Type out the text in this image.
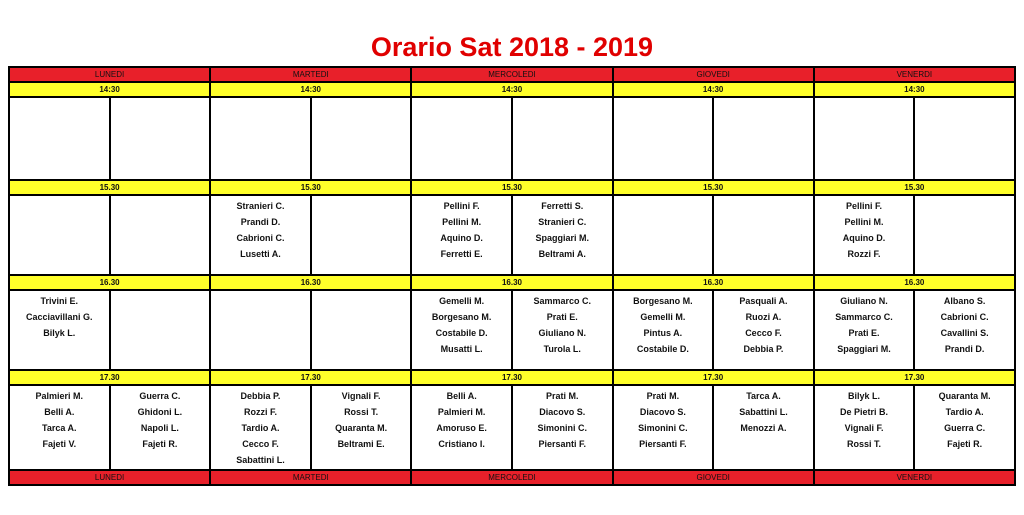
Orario Sat 2018 - 2019
LUNEDI		MARTEDI		MERCOLEDI		GIOVEDI		VENERDI	
14:30		14:30		14:30		14:30		14:30	

15.30		15.30		15.30		15.30		15.30	

		Stranieri C.
Prandi D.
Cabrioni C.
Lusetti A.		Pellini F.
Pellini M.
Aquino D.
Ferretti E.	Ferretti S.
Stranieri C.
Spaggiari M.
Beltrami A.			Pellini F.
Pellini M.
Aquino D.
Rozzi F.	

16.30		16.30		16.30		16.30		16.30	

Trivini E.
Cacciavillani G.
Bilyk L.				Gemelli M.
Borgesano M.
Costabile D.
Musatti L.	Sammarco C.
Prati E.
Giuliano N.
Turola L.	Borgesano M.
Gemelli M.
Pintus A.
Costabile D.	Pasquali A.
Ruozi A.
Cecco F.
Debbia P.	Giuliano N.
Sammarco C.
Prati E.
Spaggiari M.	Albano S.
Cabrioni C.
Cavallini S.
Prandi D.

17.30		17.30		17.30		17.30		17.30	

Palmieri M.
Belli A.
Tarca A.
Fajeti V.	Guerra C.
Ghidoni L.
Napoli L.
Fajeti R.	Debbia P.
Rozzi F.
Tardio A.
Cecco F.
Sabattini L.	Vignali F.
Rossi T.
Quaranta M.
Beltrami E.	Belli A.
Palmieri M.
Amoruso E.
Cristiano I.	Prati M.
Diacovo S.
Simonini C.
Piersanti F.	Prati M.
Diacovo S.
Simonini C.
Piersanti F.	Tarca A.
Sabattini L.
Menozzi A.	Bilyk L.
De Pietri B.
Vignali F.
Rossi T.	Quaranta M.
Tardio A.
Guerra C.
Fajeti R.

LUNEDI		MARTEDI		MERCOLEDI		GIOVEDI		VENERDI	
